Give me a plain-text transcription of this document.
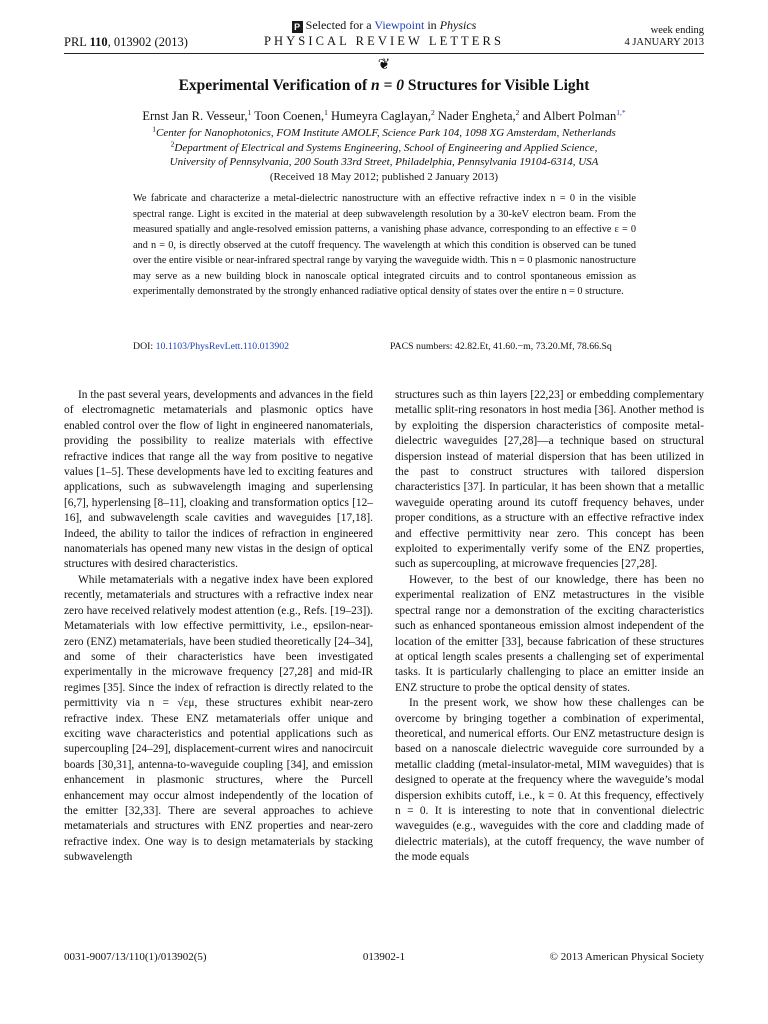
PRL 110, 013902 (2013)
P Selected for a Viewpoint in Physics
PHYSICAL REVIEW LETTERS
week ending
4 JANUARY 2013
❦
Experimental Verification of n = 0 Structures for Visible Light
Ernst Jan R. Vesseur,$^1$ Toon Coenen,$^1$ Humeyra Caglayan,$^2$ Nader Engheta,$^2$ and Albert Polman$^{1,*}$
$^1$Center for Nanophotonics, FOM Institute AMOLF, Science Park 104, 1098 XG Amsterdam, Netherlands
$^2$Department of Electrical and Systems Engineering, School of Engineering and Applied Science,
University of Pennsylvania, 200 South 33rd Street, Philadelphia, Pennsylvania 19104-6314, USA
(Received 18 May 2012; published 2 January 2013)

We fabricate and characterize a metal-dielectric nanostructure with an effective refractive index n = 0 in the visible spectral range. Light is excited in the material at deep subwavelength resolution by a 30-keV electron beam. From the measured spatially and angle-resolved emission patterns, a vanishing phase advance, corresponding to an effective ε = 0 and n = 0, is directly observed at the cutoff frequency. The wavelength at which this condition is observed can be tuned over the entire visible or near-infrared spectral range by varying the waveguide width. This n = 0 plasmonic nanostructure may serve as a new building block in nanoscale optical integrated circuits and to control spontaneous emission as experimentally demonstrated by the strongly enhanced radiative optical density of states over the entire n = 0 structure.

DOI: 10.1103/PhysRevLett.110.013902	PACS numbers: 42.82.Et, 41.60.−m, 73.20.Mf, 78.66.Sq

In the past several years, developments and advances in the field of electromagnetic metamaterials and plasmonic optics have enabled control over the flow of light in engineered nanomaterials, providing the possibility to realize materials with effective refractive indices that range all the way from positive to negative values [1–5]. These developments have led to exciting features and applications, such as subwavelength imaging and superlensing [6,7], hyperlensing [8–11], cloaking and transformation optics [12–16], and subwavelength scale cavities and waveguides [17,18]. Indeed, the ability to tailor the indices of refraction in engineered nanomaterials has opened many new vistas in the design of optical structures with desired characteristics.

While metamaterials with a negative index have been explored recently, metamaterials and structures with a refractive index near zero have received relatively modest attention (e.g., Refs. [19–23]). Metamaterials with low effective permittivity, i.e., epsilon-near-zero (ENZ) metamaterials, have been studied theoretically [24–34], and some of their characteristics have been investigated experimentally in the microwave frequency [27,28] and mid-IR regimes [35]. Since the index of refraction is directly related to the permittivity via n = √εμ, these structures exhibit near-zero refractive index. These ENZ metamaterials offer unique and exciting wave characteristics and potential applications such as supercoupling [24–29], displacement-current wires and nanocircuit boards [30,31], antenna-to-waveguide coupling [34], and emission enhancement in plasmonic structures, where the Purcell enhancement may occur almost independently of the location of the emitter [32,33]. There are several approaches to achieve metamaterials and structures with ENZ properties and near-zero refractive index. One way is to design metamaterials by stacking subwavelength

structures such as thin layers [22,23] or embedding complementary metallic split-ring resonators in host media [36]. Another method is by exploiting the dispersion characteristics of composite metal-dielectric waveguides [27,28]—a technique based on structural dispersion instead of material dispersion that has been utilized in the past to construct structures with tailored dispersion characteristics [37]. In particular, it has been shown that a metallic waveguide operating around its cutoff frequency behaves, under proper conditions, as a structure with an effective refractive index and effective permittivity near zero. This concept has been exploited to experimentally verify some of the ENZ properties, such as supercoupling, at microwave frequencies [27,28].

However, to the best of our knowledge, there has been no experimental realization of ENZ metastructures in the visible spectral range nor a demonstration of the exciting characteristics such as enhanced spontaneous emission almost independent of the location of the emitter [33], because fabrication of these structures at optical length scales presents a challenging set of experimental tasks. It is particularly challenging to place an emitter inside an ENZ structure to probe the optical density of states.

In the present work, we show how these challenges can be overcome by bringing together a combination of experimental, theoretical, and numerical efforts. Our ENZ metastructure design is based on a nanoscale dielectric waveguide core surrounded by a metallic cladding (metal-insulator-metal, MIM waveguides) that is designed to operate at the frequency where the waveguide’s modal dispersion exhibits cutoff, i.e., k = 0. At this frequency, effectively n = 0. It is interesting to note that in conventional dielectric waveguides (e.g., waveguides with the core and cladding made of dielectric materials), at the cutoff frequency, the wave number of the mode equals

0031-9007/13/110(1)/013902(5)	013902-1	© 2013 American Physical Society
